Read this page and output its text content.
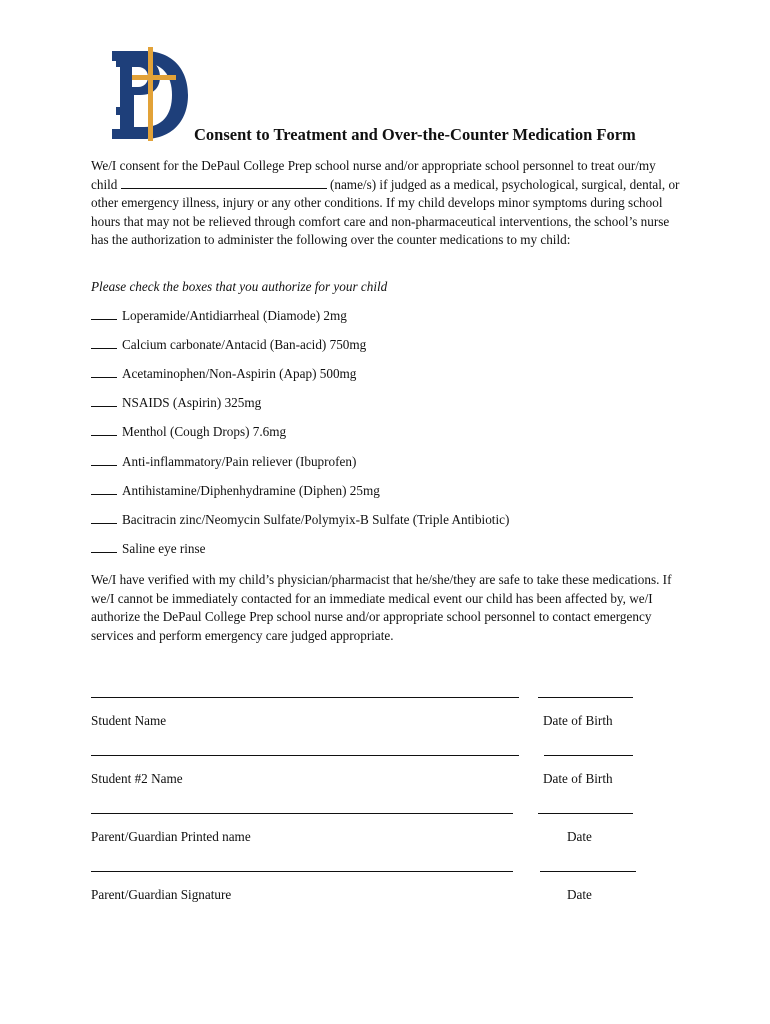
Consent to Treatment and Over-the-Counter Medication Form

We/I consent for the DePaul College Prep school nurse and/or appropriate school personnel to treat our/my child	(name/s) if judged as a medical, psychological, surgical, dental, or other emergency illness, injury or any other conditions. If my child develops minor symptoms during school hours that may not be relieved through comfort care and non-pharmaceutical interventions, the school’s nurse has the authorization to administer the following over the counter medications to my child:

Please check the boxes that you authorize for your child
Loperamide/Antidiarrheal (Diamode) 2mg
Calcium carbonate/Antacid (Ban-acid) 750mg
Acetaminophen/Non-Aspirin (Apap) 500mg
NSAIDS (Aspirin) 325mg
Menthol (Cough Drops) 7.6mg
Anti-inflammatory/Pain reliever (Ibuprofen)
Antihistamine/Diphenhydramine (Diphen) 25mg
Bacitracin zinc/Neomycin Sulfate/Polymyix-B Sulfate (Triple Antibiotic)
Saline eye rinse

We/I have verified with my child’s physician/pharmacist that he/she/they are safe to take these medications. If we/I cannot be immediately contacted for an immediate medical event our child has been affected by, we/I authorize the DePaul College Prep school nurse and/or appropriate school personnel to contact emergency services and perform emergency care judged appropriate.

Student Name	Date of Birth
Student #2 Name	Date of Birth
Parent/Guardian Printed name	Date
Parent/Guardian Signature	Date
